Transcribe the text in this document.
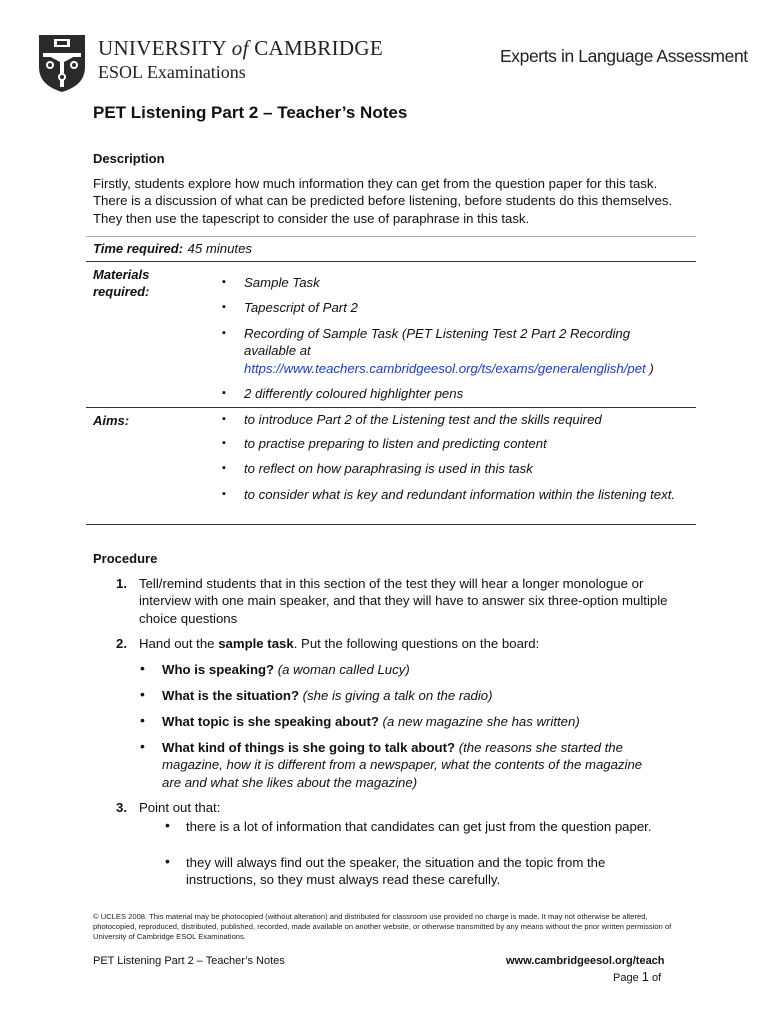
UNIVERSITY of CAMBRIDGE
ESOL Examinations
Experts in Language Assessment
PET Listening Part 2 – Teacher’s Notes
Description
Firstly, students explore how much information they can get from the question paper for this task. There is a discussion of what can be predicted before listening, before students do this themselves. They then use the tapescript to consider the use of paraphrase in this task.
Time required: 45 minutes
Materials required:
▪ Sample Task
▪ Tapescript of Part 2
▪ Recording of Sample Task (PET Listening Test 2 Part 2 Recording available at https://www.teachers.cambridgeesol.org/ts/exams/generalenglish/pet )
▪ 2 differently coloured highlighter pens
Aims:	▪ to introduce Part 2 of the Listening test and the skills required
▪ to practise preparing to listen and predicting content
▪ to reflect on how paraphrasing is used in this task
▪ to consider what is key and redundant information within the listening text.
Procedure
1. Tell/remind students that in this section of the test they will hear a longer monologue or interview with one main speaker, and that they will have to answer six three-option multiple choice questions
2. Hand out the sample task. Put the following questions on the board:
• Who is speaking? (a woman called Lucy)
• What is the situation? (she is giving a talk on the radio)
• What topic is she speaking about? (a new magazine she has written)
• What kind of things is she going to talk about? (the reasons she started the magazine, how it is different from a newspaper, what the contents of the magazine are and what she likes about the magazine)
3. Point out that:
• there is a lot of information that candidates can get just from the question paper.
• they will always find out the speaker, the situation and the topic from the instructions, so they must always read these carefully.
© UCLES 2008. This material may be photocopied (without alteration) and distributed for classroom use provided no charge is made. It may not otherwise be altered, photocopied, reproduced, distributed, published, recorded, made available on another website, or otherwise transmitted by any means without the prior written permission of University of Cambridge ESOL Examinations.
PET Listening Part 2 – Teacher’s Notes	www.cambridgeesol.org/teach
Page 1 of
